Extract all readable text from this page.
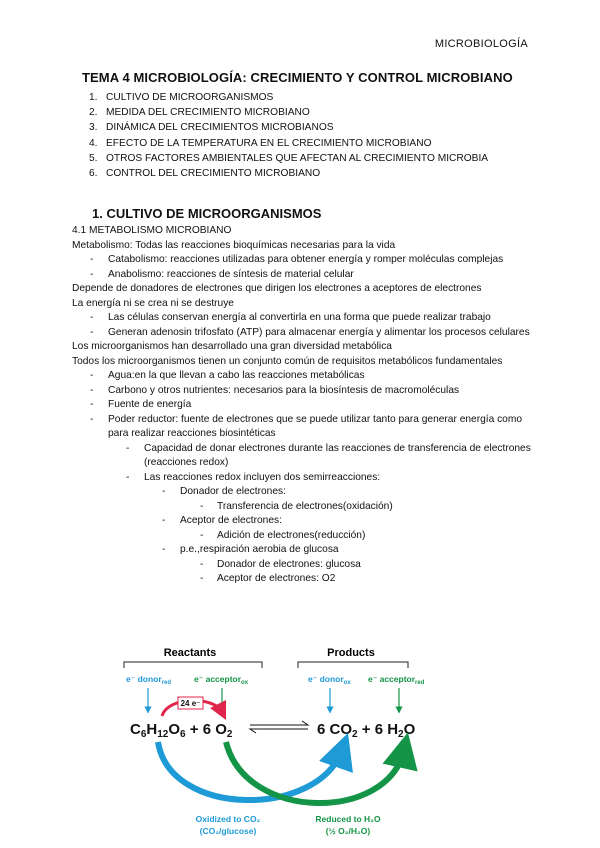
MICROBIOLOGÍA
TEMA 4 MICROBIOLOGÍA: CRECIMIENTO Y CONTROL MICROBIANO
1. CULTIVO DE MICROORGANISMOS
2. MEDIDA DEL CRECIMIENTO MICROBIANO
3. DINÁMICA DEL CRECIMIENTOS MICROBIANOS
4. EFECTO DE LA TEMPERATURA EN EL CRECIMIENTO MICROBIANO
5. OTROS FACTORES AMBIENTALES QUE AFECTAN AL CRECIMIENTO MICROBIA
6. CONTROL DEL CRECIMIENTO MICROBIANO
1. CULTIVO DE MICROORGANISMOS

4.1 METABOLISMO MICROBIANO

Metabolismo: Todas las reacciones bioquímicas necesarias para la vida

- Catabolismo: reacciones utilizadas para obtener energía y romper moléculas complejas

- Anabolismo: reacciones de síntesis de material celular

Depende de donadores de electrones que dirigen los electrones a aceptores de electrones

La energía ni se crea ni se destruye

- Las células conservan energía al convertirla en una forma que puede realizar trabajo

- Generan adenosin trifosfato (ATP) para almacenar energía y alimentar los procesos celulares

Los microorganismos han desarrollado una gran diversidad metabólica

Todos los microorganismos tienen un conjunto común de requisitos metabólicos fundamentales

- Agua:en la que llevan a cabo las reacciones metabólicas

- Carbono y otros nutrientes: necesarios para la biosíntesis de macromoléculas

- Fuente de energía

- Poder reductor: fuente de electrones que se puede utilizar tanto para generar energía como para realizar reacciones biosintéticas

- Capacidad de donar electrones durante las reacciones de transferencia de electrones (reacciones redox)

- Las reacciones redox incluyen dos semirreacciones:

- Donador de electrones:

- Transferencia de electrones(oxidación)

- Aceptor de electrones:

- Adición de electrones(reducción)

- p.e.,respiración aerobia de glucosa

- Donador de electrones: glucosa

- Aceptor de electrones: O2

Reactants	Products
e⁻ donor$_{red}$	e⁻ acceptor$_{ox}$	e⁻ donor$_{ox}$ e⁻ acceptor$_{red}$
24 e⁻
$C_6H_{12}O_6 + 6$ $O_2$	6 $CO_2 + 6$ $H_2O$
Oxidized to CO₂
(CO₂/glucose)
Reduced to H₂O
(½ O₂/H₂O)
